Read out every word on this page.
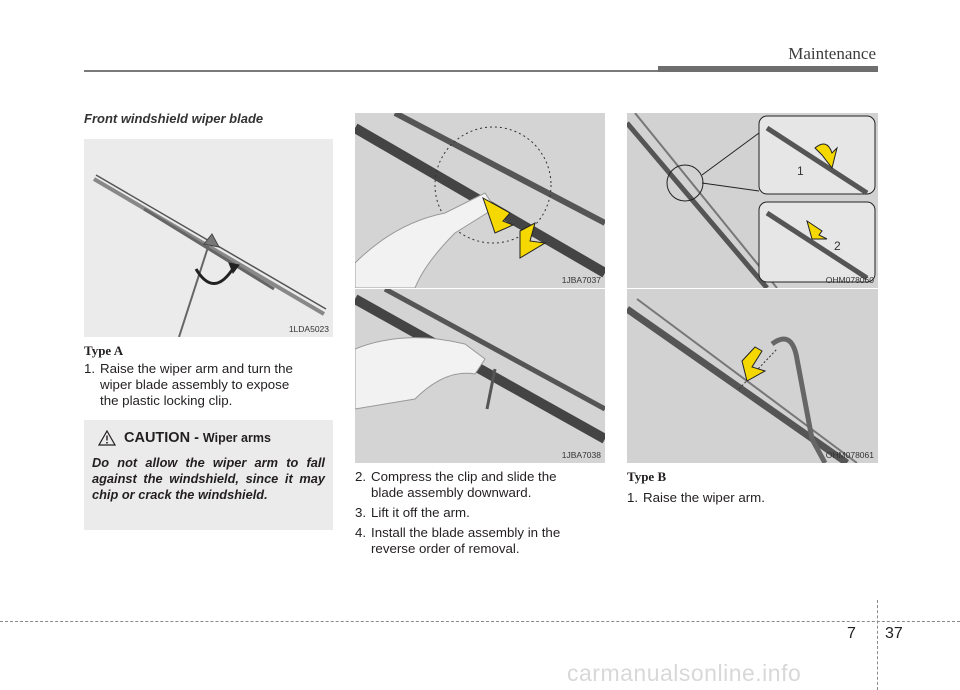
Maintenance
Front windshield wiper blade
1LDA5023
Type A
1. Raise the wiper arm and turn the
wiper blade assembly to expose
the plastic locking clip.
CAUTION - Wiper arms
Do not allow the wiper arm to fall against the windshield, since it may chip or crack the windshield.
1JBA7037
1JBA7038
1
2
OHM078060
OHM078061
2. Compress the clip and slide the
blade assembly downward.
3. Lift it off the arm.
4. Install the blade assembly in the
reverse order of removal.
Type B
1. Raise the wiper arm.
7 37
carmanualsonline.info
